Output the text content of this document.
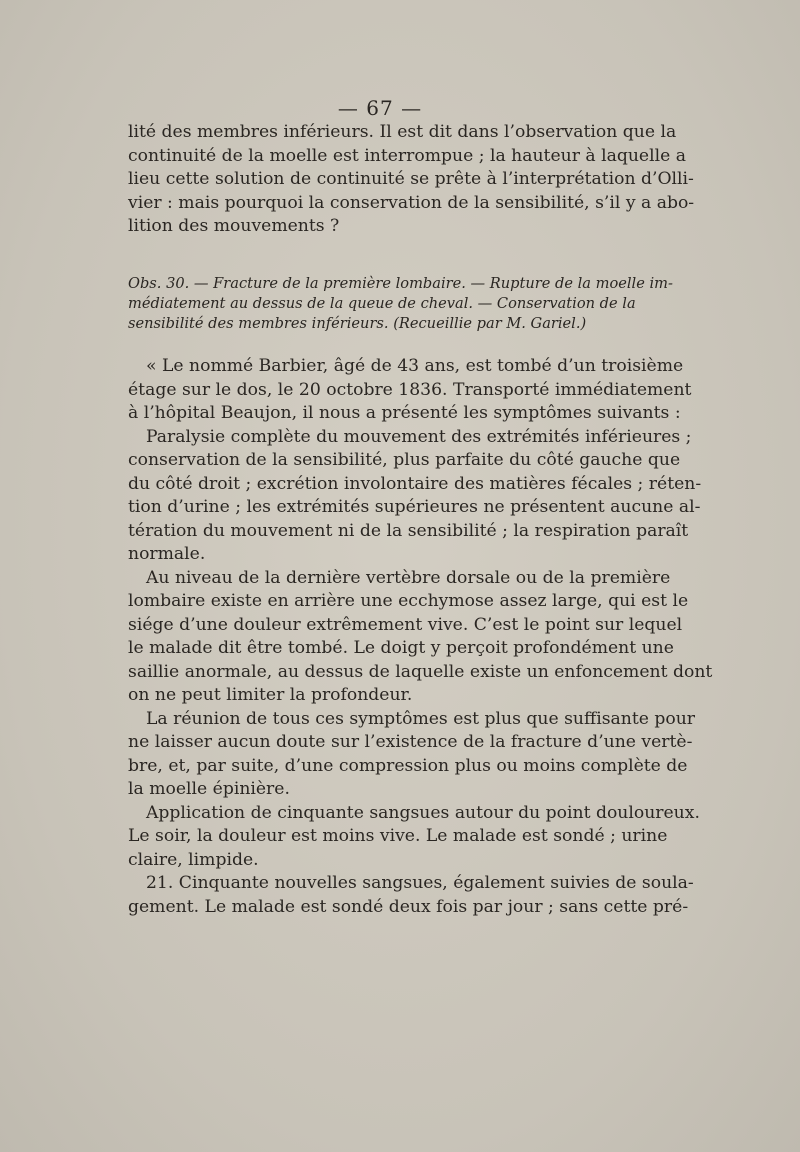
— 67 —
lité des membres inférieurs. Il est dit dans l’observation que la
continuité de la moelle est interrompue ; la hauteur à laquelle a
lieu cette solution de continuité se prête à l’interprétation d’Olli-
vier : mais pourquoi la conservation de la sensibilité, s’il y a abo-
lition des mouvements ?
Obs. 30. — Fracture de la première lombaire. — Rupture de la moelle im-
médiatement au dessus de la queue de cheval. — Conservation de la
sensibilité des membres inférieurs. (Recueillie par M. Gariel.)
« Le nommé Barbier, âgé de 43 ans, est tombé d’un troisième
étage sur le dos, le 20 octobre 1836. Transporté immédiatement
à l’hôpital Beaujon, il nous a présenté les symptômes suivants :
Paralysie complète du mouvement des extrémités inférieures ;
conservation de la sensibilité, plus parfaite du côté gauche que
du côté droit ; excrétion involontaire des matières fécales ; réten-
tion d’urine ; les extrémités supérieures ne présentent aucune al-
tération du mouvement ni de la sensibilité ; la respiration paraît
normale.
Au niveau de la dernière vertèbre dorsale ou de la première
lombaire existe en arrière une ecchymose assez large, qui est le
siége d’une douleur extrêmement vive. C’est le point sur lequel
le malade dit être tombé. Le doigt y perçoit profondément une
saillie anormale, au dessus de laquelle existe un enfoncement dont
on ne peut limiter la profondeur.
La réunion de tous ces symptômes est plus que suffisante pour
ne laisser aucun doute sur l’existence de la fracture d’une vertè-
bre, et, par suite, d’une compression plus ou moins complète de
la moelle épinière.
Application de cinquante sangsues autour du point douloureux.
Le soir, la douleur est moins vive. Le malade est sondé ; urine
claire, limpide.
21. Cinquante nouvelles sangsues, également suivies de soula-
gement. Le malade est sondé deux fois par jour ; sans cette pré-
